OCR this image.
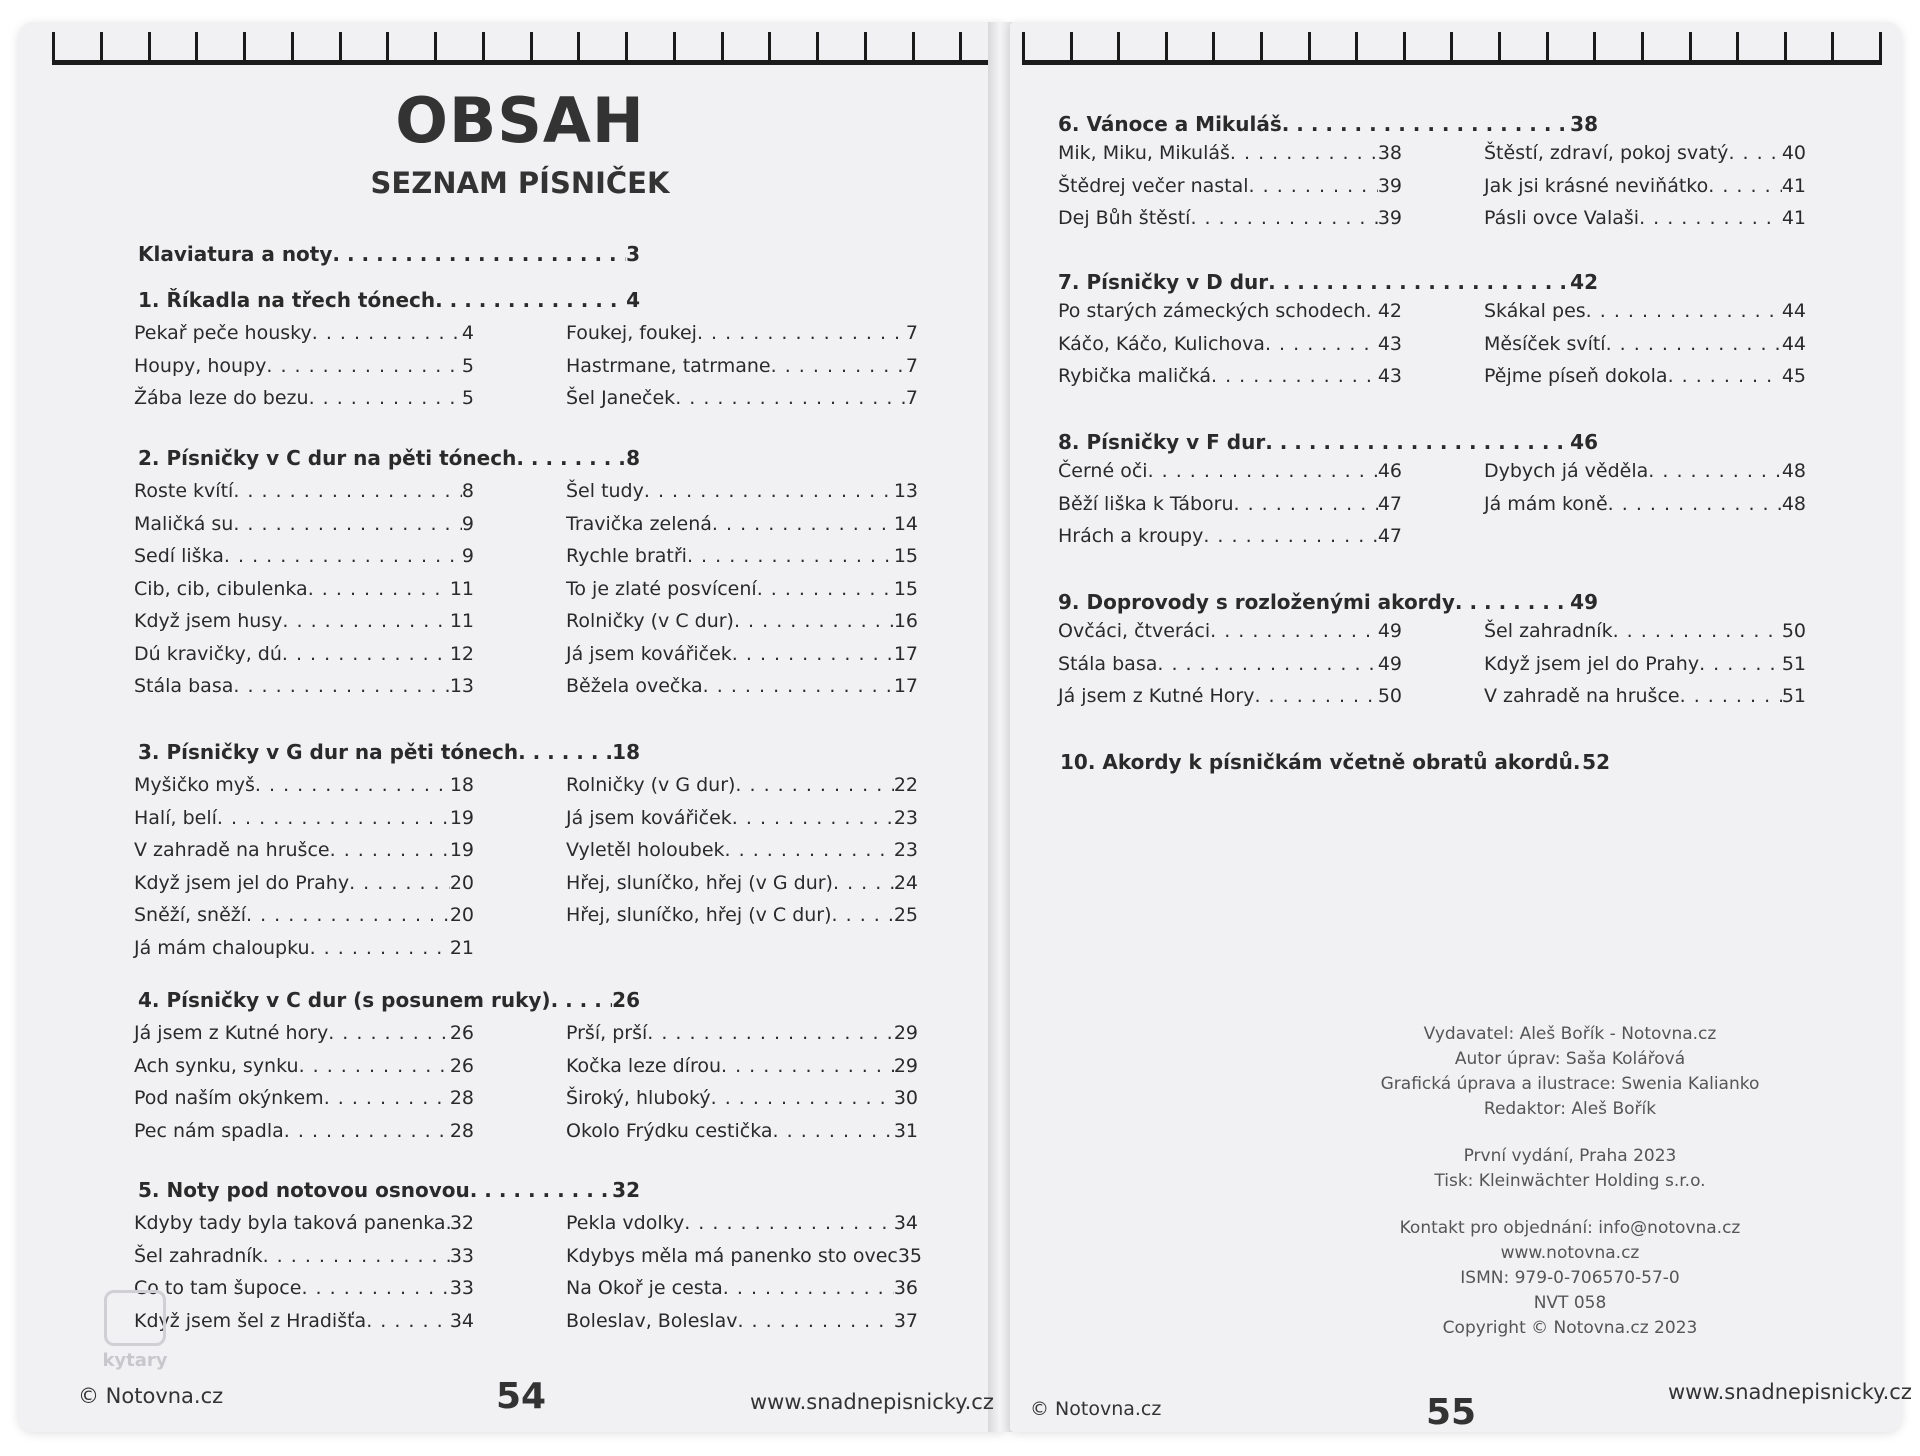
OBSAH
SEZNAM PÍSNIČEK
Klaviatura a noty . . .	3
1. Říkadla na třech tónech . . .	4
Pekař peče housky . . .	4
Houpy, houpy . . .	5
Žába leze do bezu . . .	5
Foukej, foukej . . .	7
Hastrmane, tatrmane . . .	7
Šel Janeček . . .	7
2. Písničky v C dur na pěti tónech . . .	8
Roste kvítí . . .	8
Maličká su . . .	9
Sedí liška . . .	9
Cib, cib, cibulenka . . .	11
Když jsem husy . . .	11
Dú kravičky, dú . . .	12
Stála basa . . .	13
Šel tudy . . .	13
Travička zelená . . .	14
Rychle bratři . . .	15
To je zlaté posvícení . . .	15
Rolničky (v C dur) . . .	16
Já jsem kovářiček . . .	17
Běžela ovečka . . .	17
3. Písničky v G dur na pěti tónech . . .	18
Myšičko myš . . .	18
Halí, belí . . .	19
V zahradě na hrušce . . .	19
Když jsem jel do Prahy . . .	20
Sněží, sněží . . .	20
Já mám chaloupku . . .	21
Rolničky (v G dur) . . .	22
Já jsem kovářiček . . .	23
Vyletěl holoubek . . .	23
Hřej, sluníčko, hřej (v G dur) . . .	24
Hřej, sluníčko, hřej (v C dur) . . .	25
4. Písničky v C dur (s posunem ruky) . . .	26
Já jsem z Kutné hory . . .	26
Ach synku, synku . . .	26
Pod naším okýnkem . . .	28
Pec nám spadla . . .	28
Prší, prší . . .	29
Kočka leze dírou . . .	29
Široký, hluboký . . .	30
Okolo Frýdku cestička . . .	31
5. Noty pod notovou osnovou . . .	32
Kdyby tady byla taková panenka . . . 32
Šel zahradník . . .	33
Co to tam šupoce . . .	33
Když jsem šel z Hradišťa . . .	34
Pekla vdolky . . .	34
Kdybys měla má panenko sto ovec 35
Na Okoř je cesta . . .	36
Boleslav, Boleslav . . .	37
6. Vánoce a Mikuláš . . .	38
Mik, Miku, Mikuláš . . .	38
Štědrej večer nastal . . .	39
Dej Bůh štěstí . . .	39
Štěstí, zdraví, pokoj svatý . . .	40
Jak jsi krásné neviňátko . . .	41
Pásli ovce Valaši . . .	41
7. Písničky v D dur . . .	42
Po starých zámeckých schodech . . . 42
Káčo, Káčo, Kulichova . . .	43
Rybička maličká . . .	43
Skákal pes . . .	44
Měsíček svítí . . .	44
Pějme píseň dokola . . .	45
8. Písničky v F dur . . .	46
Černé oči . . .	46
Běží liška k Táboru . . .	47
Hrách a kroupy . . .	47
Dybych já věděla . . .	48
Já mám koně . . .	48
9. Doprovody s rozloženými akordy . . .	49
Ovčáci, čtveráci . . .	49
Stála basa . . .	49
Já jsem z Kutné Hory . . .	50
Šel zahradník . . .	50
Když jsem jel do Prahy . . .	51
V zahradě na hrušce . . .	51
10. Akordy k písničkám včetně obratů akordů . . . 52
kytary
© Notovna.cz	54	www.snadnepisnicky.cz
Vydavatel: Aleš Bořík - Notovna.cz
Autor úprav: Saša Kolářová
Grafická úprava a ilustrace: Swenia Kalianko
Redaktor: Aleš Bořík
První vydání, Praha 2023
Tisk: Kleinwächter Holding s.r.o.
Kontakt pro objednání: info@notovna.cz
www.notovna.cz
ISMN: 979-0-706570-57-0
NVT 058
Copyright © Notovna.cz 2023
© Notovna.cz	55	www.snadnepisnicky.cz
